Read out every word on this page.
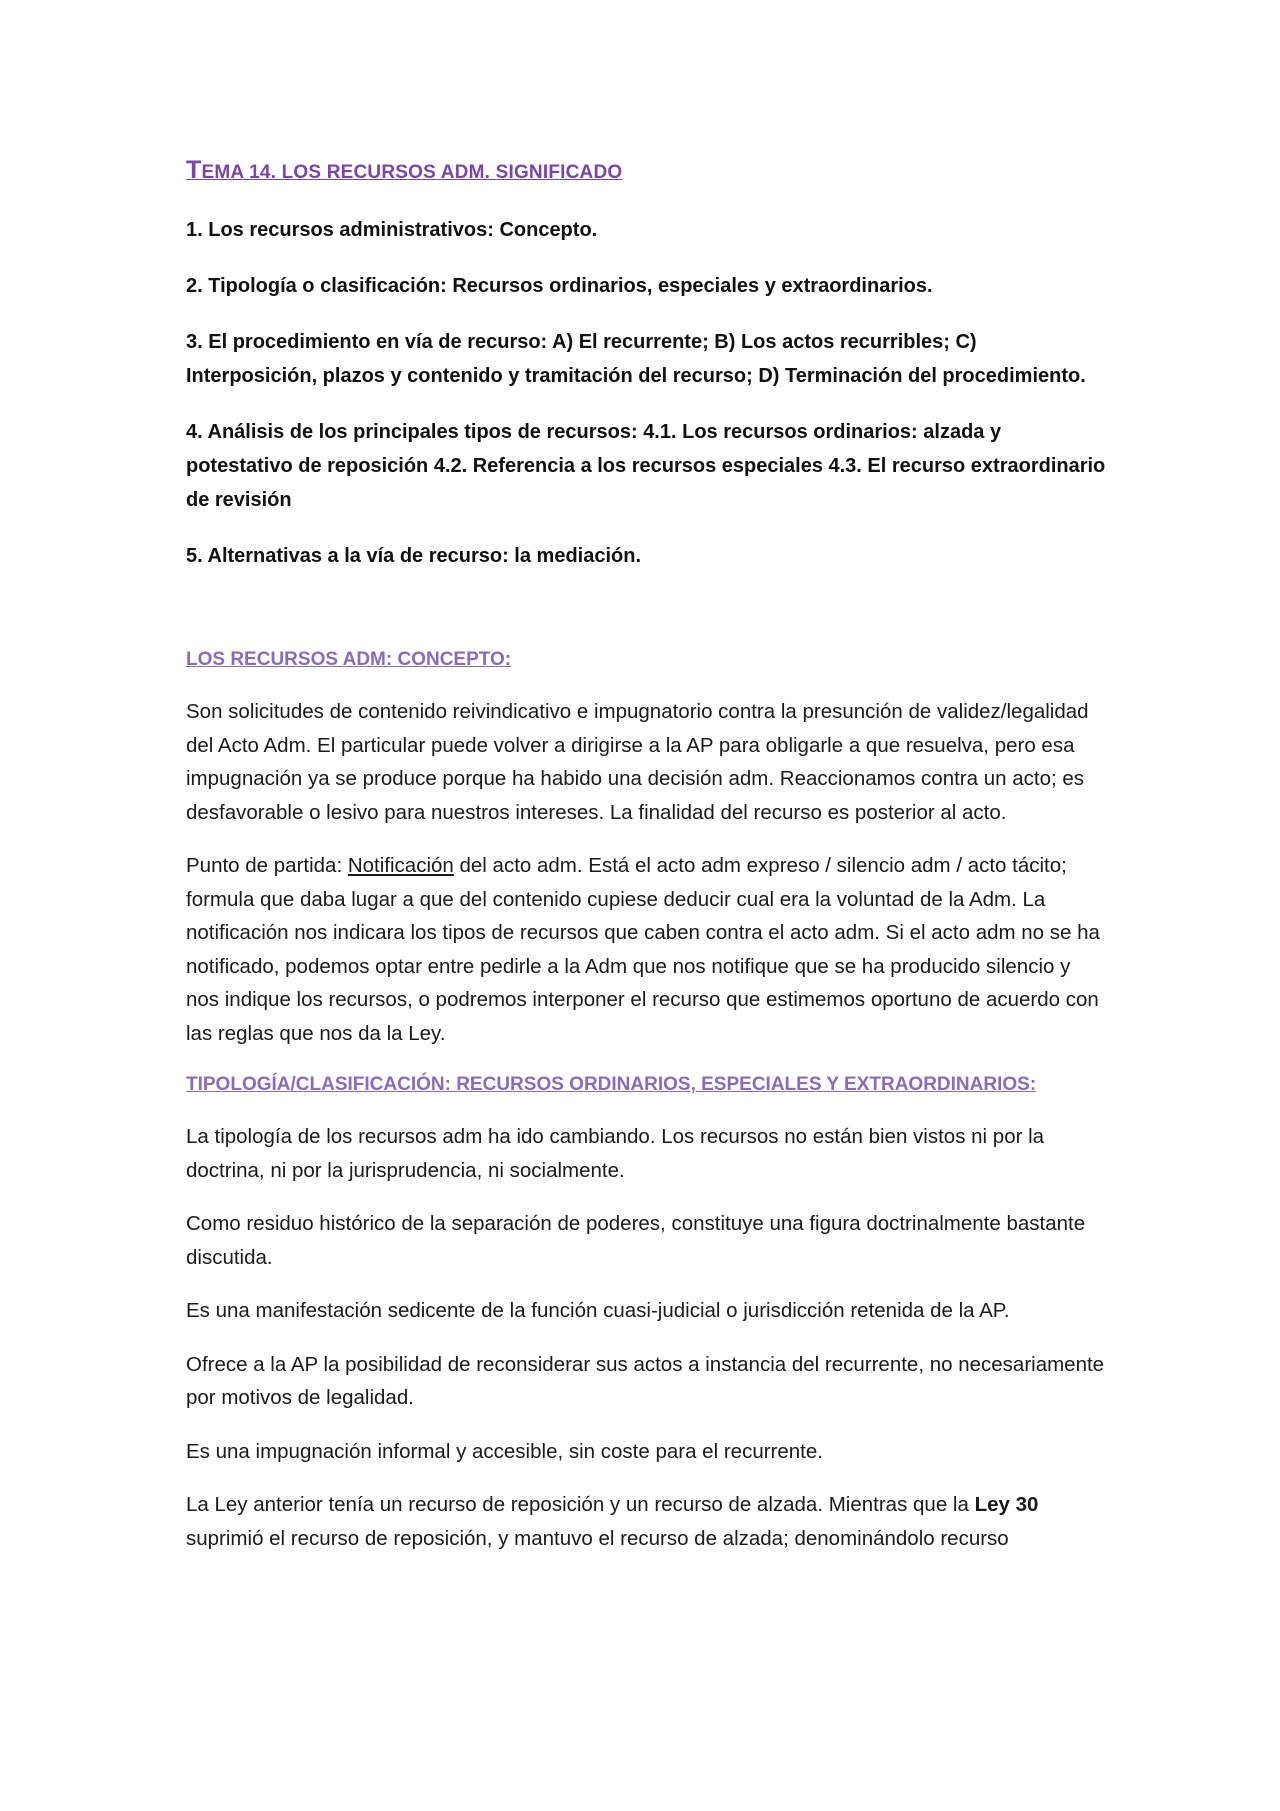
TEMA 14. LOS RECURSOS ADM. SIGNIFICADO

1. Los recursos administrativos: Concepto.

2. Tipología o clasificación: Recursos ordinarios, especiales y extraordinarios.

3. El procedimiento en vía de recurso: A) El recurrente; B) Los actos recurribles; C) Interposición, plazos y contenido y tramitación del recurso; D) Terminación del procedimiento.

4. Análisis de los principales tipos de recursos: 4.1. Los recursos ordinarios: alzada y potestativo de reposición 4.2. Referencia a los recursos especiales 4.3. El recurso extraordinario de revisión

5. Alternativas a la vía de recurso: la mediación.

LOS RECURSOS ADM: CONCEPTO:

Son solicitudes de contenido reivindicativo e impugnatorio contra la presunción de validez/legalidad del Acto Adm. El particular puede volver a dirigirse a la AP para obligarle a que resuelva, pero esa impugnación ya se produce porque ha habido una decisión adm. Reaccionamos contra un acto; es desfavorable o lesivo para nuestros intereses. La finalidad del recurso es posterior al acto.

Punto de partida: Notificación del acto adm. Está el acto adm expreso / silencio adm / acto tácito; formula que daba lugar a que del contenido cupiese deducir cual era la voluntad de la Adm. La notificación nos indicara los tipos de recursos que caben contra el acto adm. Si el acto adm no se ha notificado, podemos optar entre pedirle a la Adm que nos notifique que se ha producido silencio y nos indique los recursos, o podremos interponer el recurso que estimemos oportuno de acuerdo con las reglas que nos da la Ley.

TIPOLOGÍA/CLASIFICACIÓN: RECURSOS ORDINARIOS, ESPECIALES Y EXTRAORDINARIOS:

La tipología de los recursos adm ha ido cambiando. Los recursos no están bien vistos ni por la doctrina, ni por la jurisprudencia, ni socialmente.

Como residuo histórico de la separación de poderes, constituye una figura doctrinalmente bastante discutida.

Es una manifestación sedicente de la función cuasi-judicial o jurisdicción retenida de la AP.

Ofrece a la AP la posibilidad de reconsiderar sus actos a instancia del recurrente, no necesariamente por motivos de legalidad.

Es una impugnación informal y accesible, sin coste para el recurrente.

La Ley anterior tenía un recurso de reposición y un recurso de alzada. Mientras que la Ley 30 suprimió el recurso de reposición, y mantuvo el recurso de alzada; denominándolo recurso
